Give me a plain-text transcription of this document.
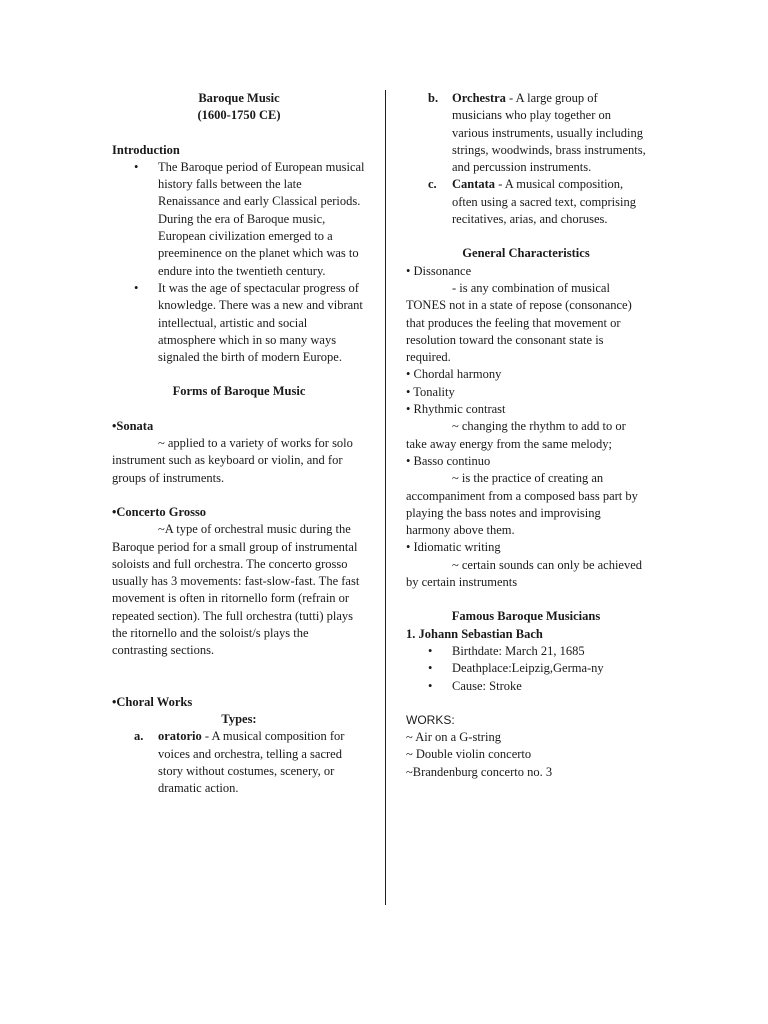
Baroque Music
(1600-1750 CE)
Introduction
• The Baroque period of European musical history falls between the late Renaissance and early Classical periods. During the era of Baroque music, European civilization emerged to a preeminence on the planet which was to endure into the twentieth century.
• It was the age of spectacular progress of knowledge. There was a new and vibrant intellectual, artistic and social atmosphere which in so many ways signaled the birth of modern Europe.
Forms of Baroque Music
•Sonata
~ applied to a variety of works for solo instrument such as keyboard or violin, and for groups of instruments.
•Concerto Grosso
~A type of orchestral music during the Baroque period for a small group of instrumental soloists and full orchestra. The concerto grosso usually has 3 movements: fast-slow-fast. The fast movement is often in ritornello form (refrain or repeated section). The full orchestra (tutti) plays the ritornello and the soloist/s plays the contrasting sections.
•Choral Works
Types:
a. oratorio - A musical composition for voices and orchestra, telling a sacred story without costumes, scenery, or dramatic action.
b. Orchestra - A large group of musicians who play together on various instruments, usually including strings, woodwinds, brass instruments, and percussion instruments.
c. Cantata - A musical composition, often using a sacred text, comprising recitatives, arias, and choruses.
General Characteristics
• Dissonance
- is any combination of musical TONES not in a state of repose (consonance) that produces the feeling that movement or resolution toward the consonant state is required.
• Chordal harmony
• Tonality
• Rhythmic contrast
~ changing the rhythm to add to or take away energy from the same melody;
• Basso continuo
~ is the practice of creating an accompaniment from a composed bass part by playing the bass notes and improvising harmony above them.
• Idiomatic writing
~ certain sounds can only be achieved by certain instruments
Famous Baroque Musicians
1. Johann Sebastian Bach
• Birthdate: March 21, 1685
• Deathplace:Leipzig,Germa-ny
• Cause: Stroke
WORKS:
~ Air on a G-string
~ Double violin concerto
~Brandenburg concerto no. 3
